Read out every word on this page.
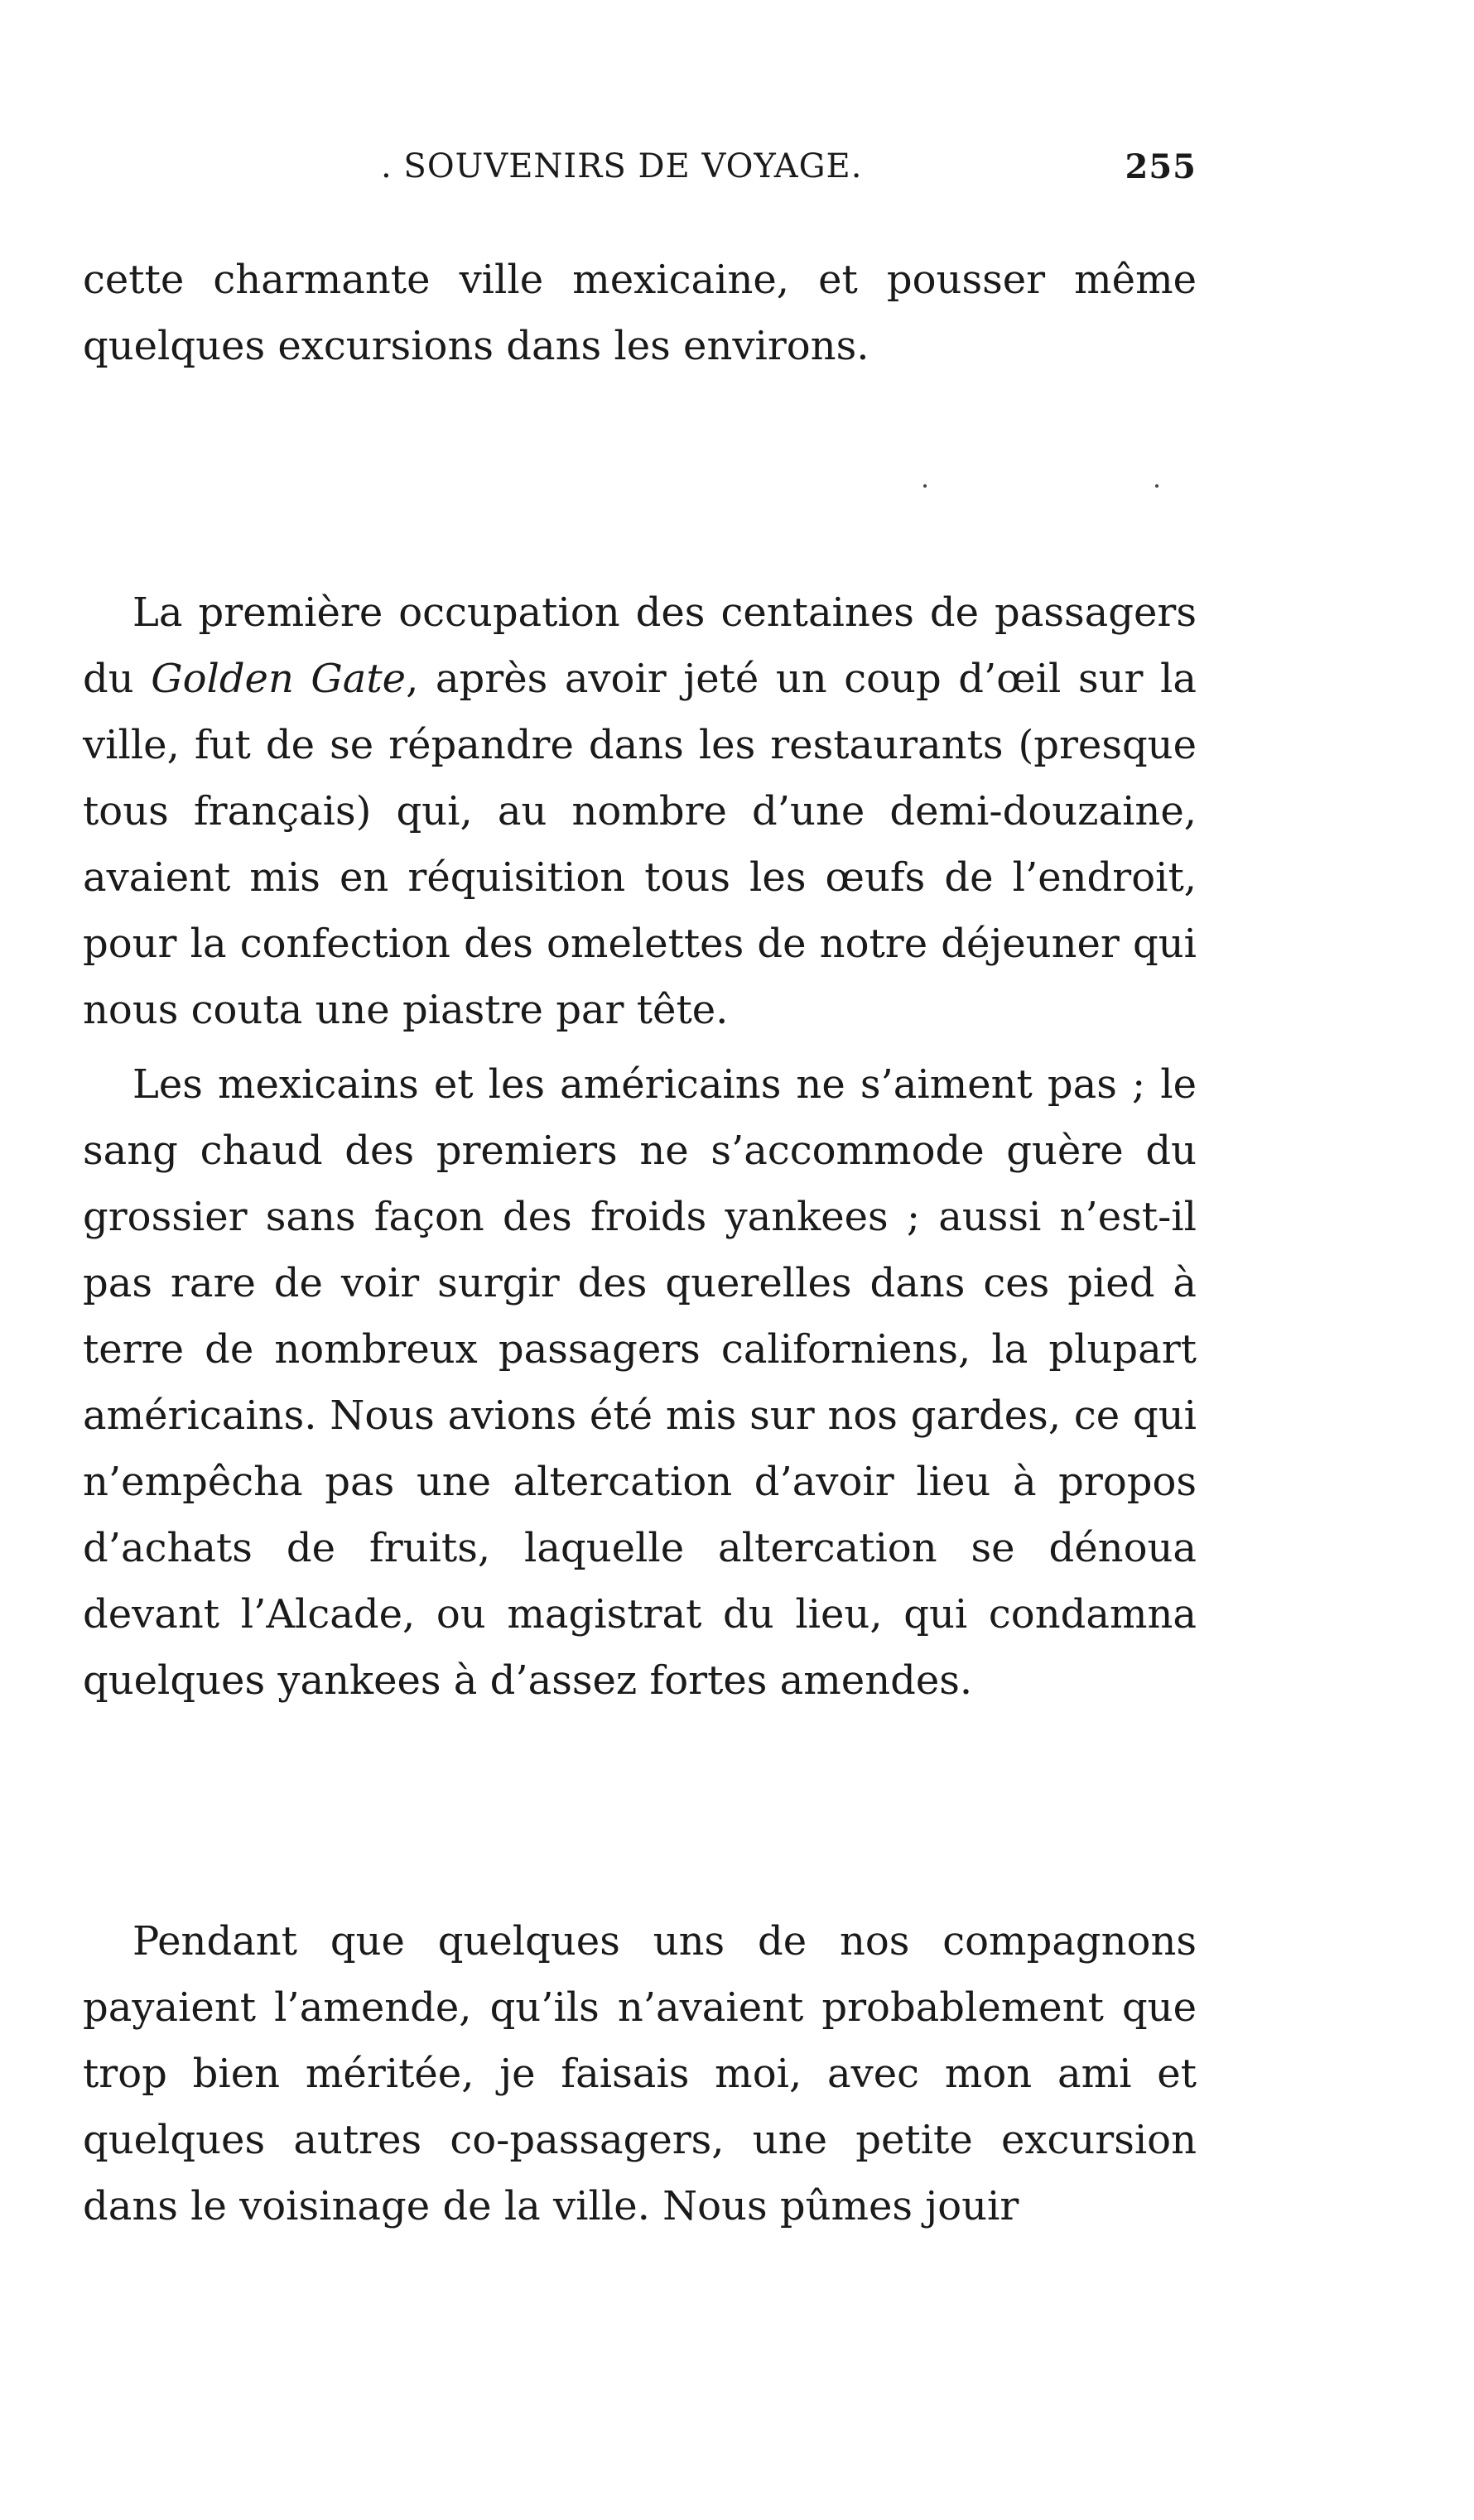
. SOUVENIRS DE VOYAGE.	255

cette charmante ville mexicaine, et pousser même quelques excursions dans les environs.

La première occupation des centaines de passagers du Golden Gate, après avoir jeté un coup d’œil sur la ville, fut de se répandre dans les restaurants (presque tous français) qui, au nombre d’une demi-douzaine, avaient mis en réquisition tous les œufs de l’endroit, pour la confection des omelettes de notre déjeuner qui nous couta une piastre par tête.

Les mexicains et les américains ne s’aiment pas ; le sang chaud des premiers ne s’accommode guère du grossier sans façon des froids yankees ; aussi n’est-il pas rare de voir surgir des querelles dans ces pied à terre de nombreux passagers californiens, la plupart américains. Nous avions été mis sur nos gardes, ce qui n’empêcha pas une altercation d’avoir lieu à propos d’achats de fruits, laquelle altercation se dénoua devant l’Alcade, ou magistrat du lieu, qui condamna quelques yankees à d’assez fortes amendes.

Pendant que quelques uns de nos compagnons payaient l’amende, qu’ils n’avaient probablement que trop bien méritée, je faisais moi, avec mon ami et quelques autres co-passagers, une petite excursion dans le voisinage de la ville. Nous pûmes jouir
